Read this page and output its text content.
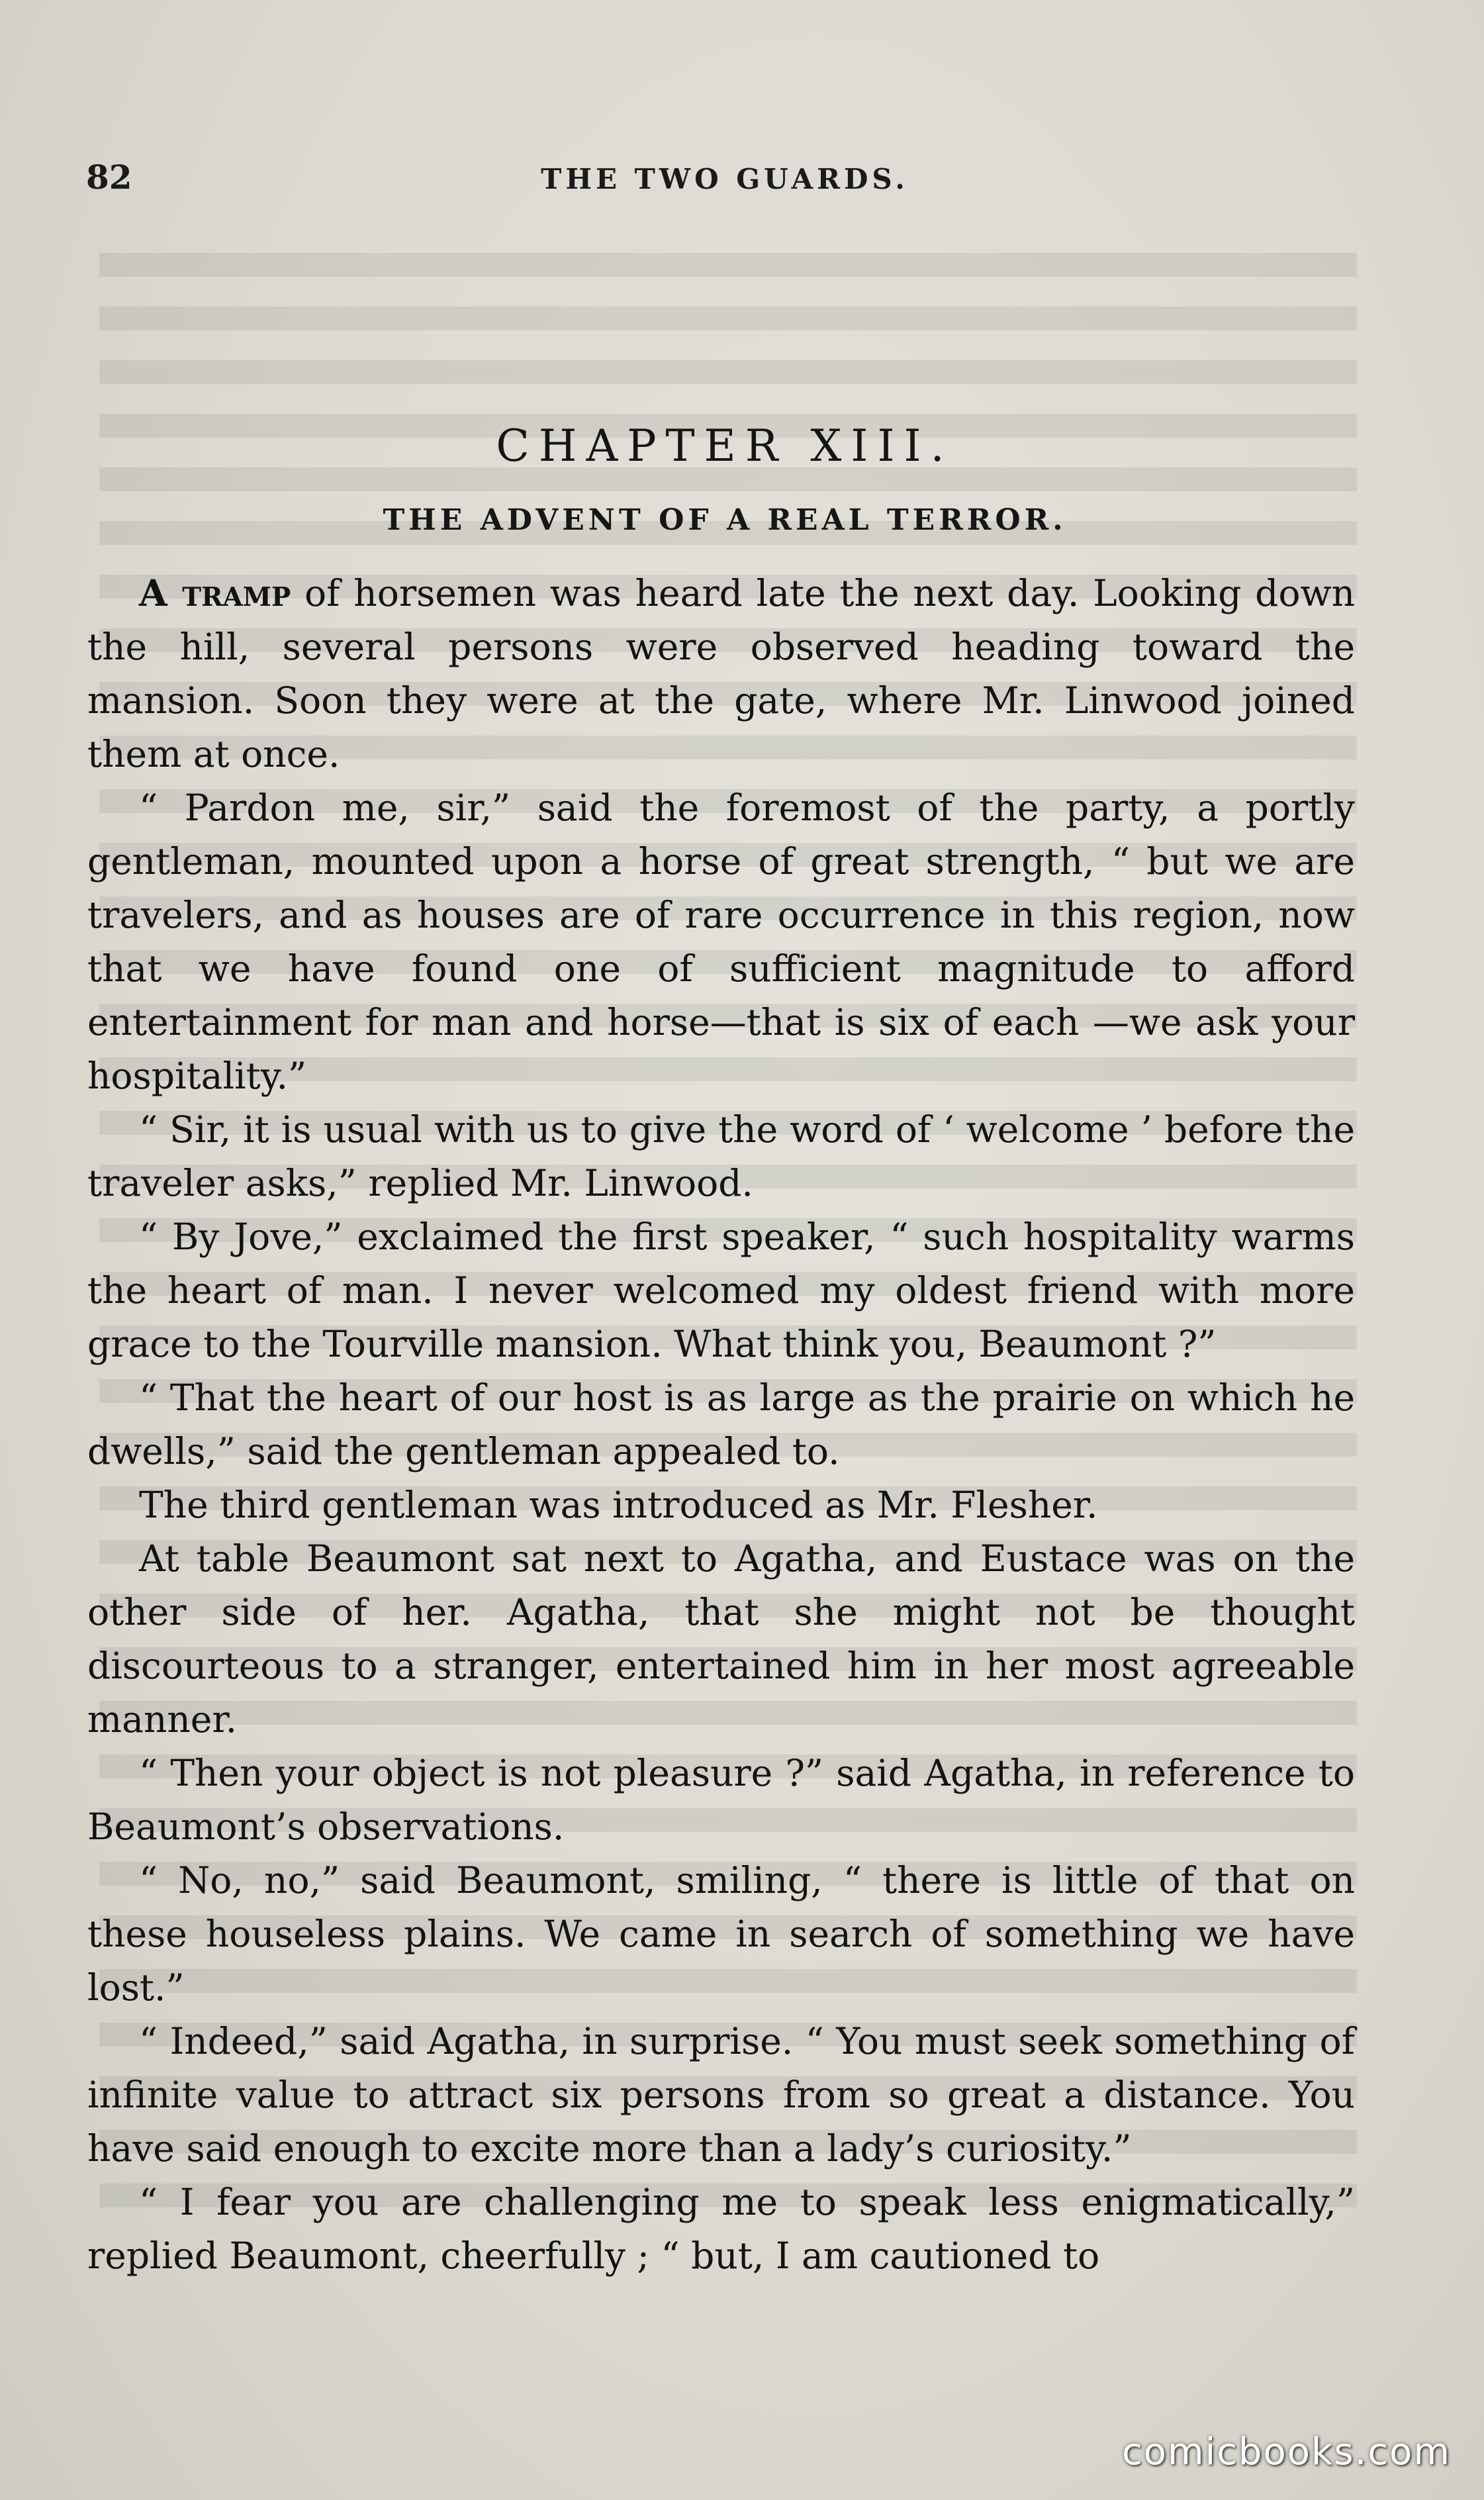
82	THE TWO GUARDS.
CHAPTER XIII.
THE ADVENT OF A REAL TERROR.

A tramp of horsemen was heard late the next day. Looking down the hill, several persons were observed heading toward the mansion. Soon they were at the gate, where Mr. Linwood joined them at once.

“ Pardon me, sir,” said the foremost of the party, a portly gentleman, mounted upon a horse of great strength, “ but we are travelers, and as houses are of rare occurrence in this region, now that we have found one of sufficient magnitude to afford entertainment for man and horse—that is six of each —we ask your hospitality.”

“ Sir, it is usual with us to give the word of ‘ welcome ’ before the traveler asks,” replied Mr. Linwood.

“ By Jove,” exclaimed the first speaker, “ such hospitality warms the heart of man. I never welcomed my oldest friend with more grace to the Tourville mansion. What think you, Beaumont ?”

“ That the heart of our host is as large as the prairie on which he dwells,” said the gentleman appealed to.

The third gentleman was introduced as Mr. Flesher.

At table Beaumont sat next to Agatha, and Eustace was on the other side of her. Agatha, that she might not be thought discourteous to a stranger, entertained him in her most agreeable manner.

“ Then your object is not pleasure ?” said Agatha, in reference to Beaumont’s observations.

“ No, no,” said Beaumont, smiling, “ there is little of that on these houseless plains. We came in search of something we have lost.”

“ Indeed,” said Agatha, in surprise. “ You must seek something of infinite value to attract six persons from so great a distance. You have said enough to excite more than a lady’s curiosity.”

“ I fear you are challenging me to speak less enigmatically,” replied Beaumont, cheerfully ; “ but, I am cautioned to

comicbooks.com
